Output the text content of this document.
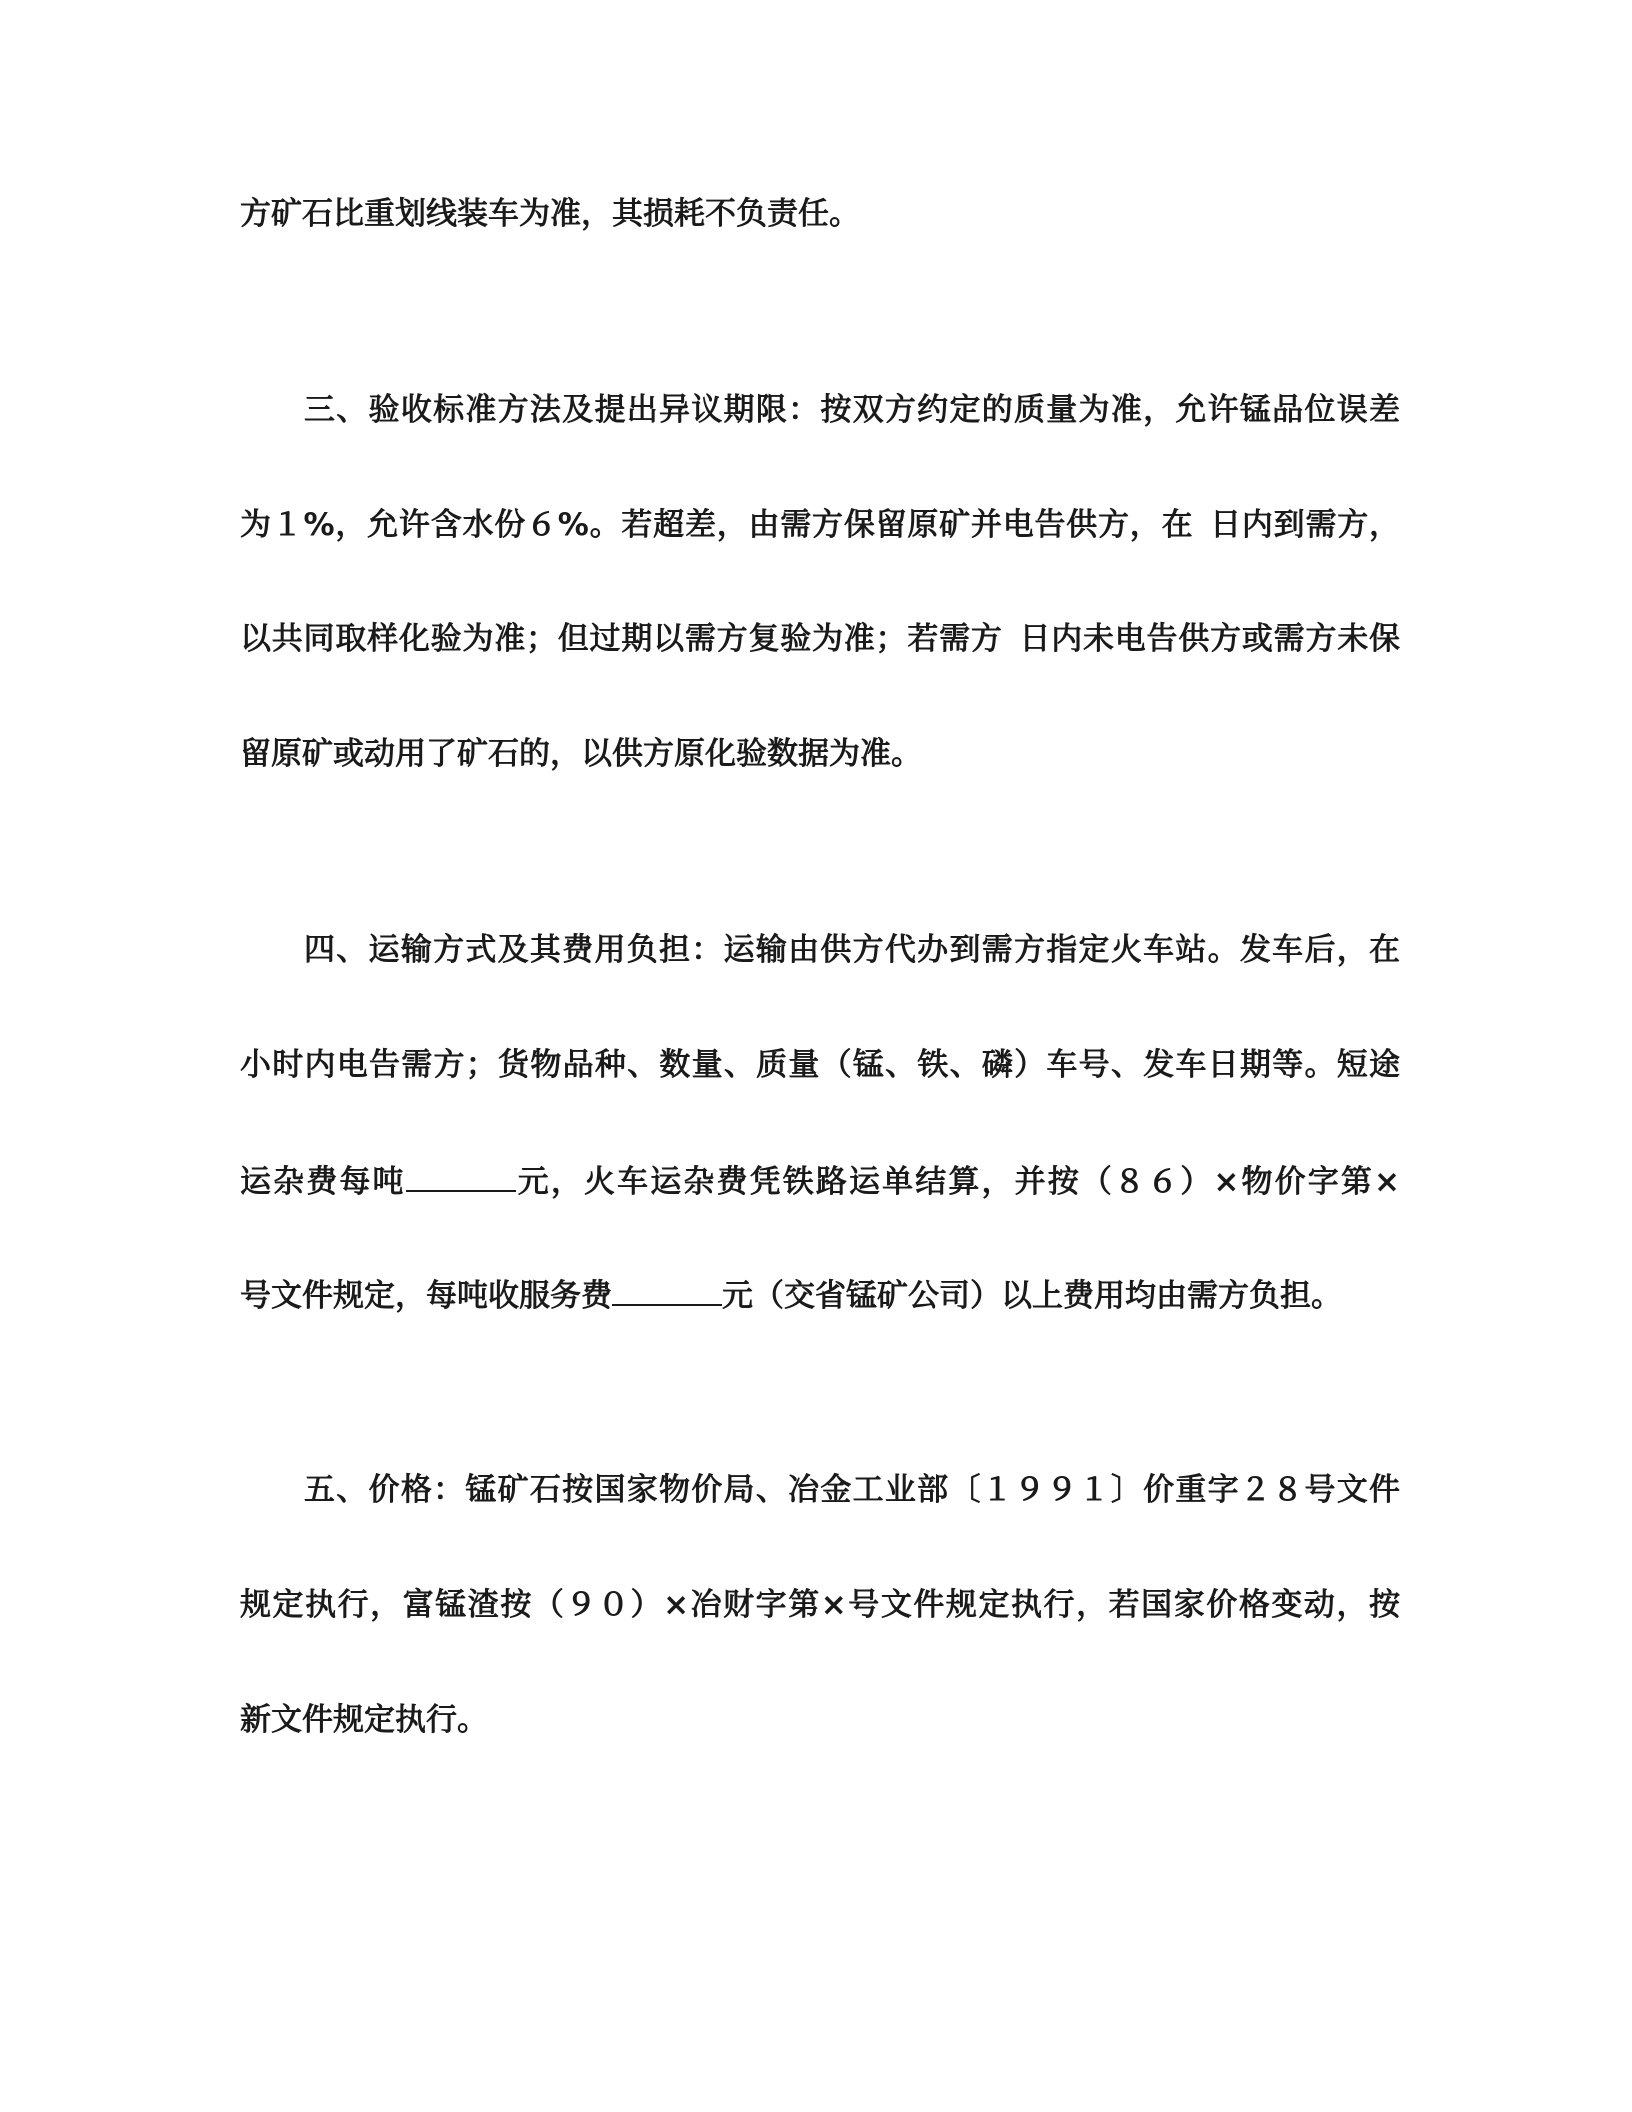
方矿石比重划线装车为准，其损耗不负责任。
三、验收标准方法及提出异议期限：按双方约定的质量为准，允许锰品位误差
为１%，允许含水份６%。若超差，由需方保留原矿并电告供方，在 日内到需方，
以共同取样化验为准；但过期以需方复验为准；若需方 日内未电告供方或需方未保
留原矿或动用了矿石的，以供方原化验数据为准。
四、运输方式及其费用负担：运输由供方代办到需方指定火车站。发车后，在
小时内电告需方；货物品种、数量、质量（锰、铁、磷）车号、发车日期等。短途
运杂费每吨	元，火车运杂费凭铁路运单结算，并按（８６）×物价字第×
号文件规定，每吨收服务费	元（交省锰矿公司）以上费用均由需方负担。
五、价格：锰矿石按国家物价局、冶金工业部〔１９９１〕价重字２８号文件
规定执行，富锰渣按（９０）×冶财字第×号文件规定执行，若国家价格变动，按
新文件规定执行。
